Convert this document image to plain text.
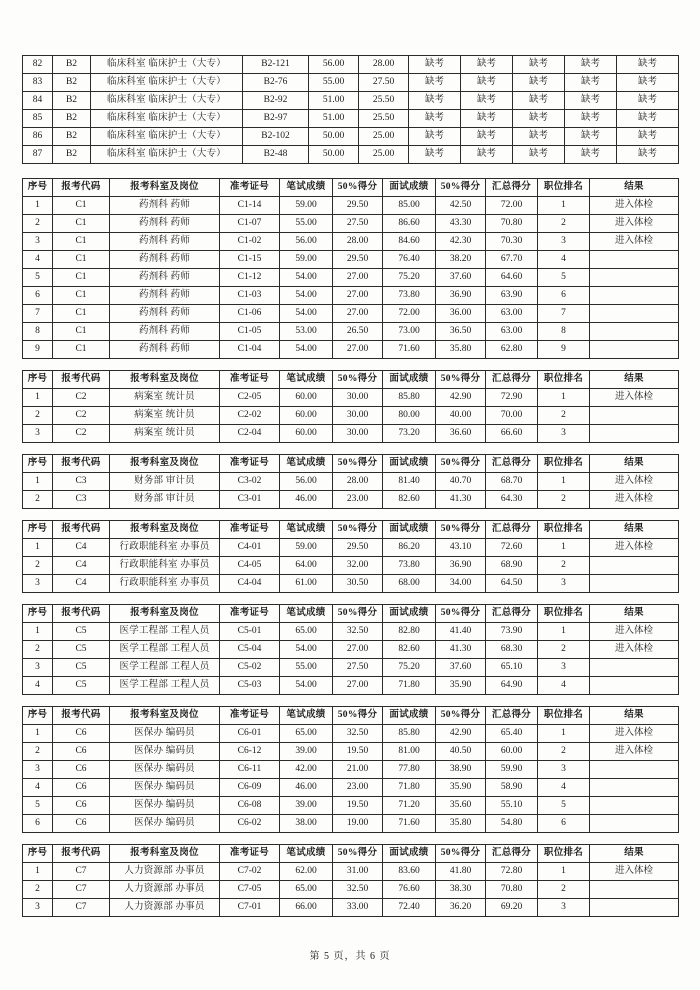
82	B2	临床科室 临床护士（大专）	B2-121	56.00	28.00	缺考	缺考	缺考	缺考	缺考
83	B2	临床科室 临床护士（大专）	B2-76	55.00	27.50	缺考	缺考	缺考	缺考	缺考
84	B2	临床科室 临床护士（大专）	B2-92	51.00	25.50	缺考	缺考	缺考	缺考	缺考
85	B2	临床科室 临床护士（大专）	B2-97	51.00	25.50	缺考	缺考	缺考	缺考	缺考
86	B2	临床科室 临床护士（大专）	B2-102	50.00	25.00	缺考	缺考	缺考	缺考	缺考
87	B2	临床科室 临床护士（大专）	B2-48	50.00	25.00	缺考	缺考	缺考	缺考	缺考
序号	报考代码	报考科室及岗位	准考证号	笔试成绩	50%得分	面试成绩	50%得分	汇总得分	职位排名	结果
1	C1	药剂科 药师	C1-14	59.00	29.50	85.00	42.50	72.00	1	进入体检
2	C1	药剂科 药师	C1-07	55.00	27.50	86.60	43.30	70.80	2	进入体检
3	C1	药剂科 药师	C1-02	56.00	28.00	84.60	42.30	70.30	3	进入体检
4	C1	药剂科 药师	C1-15	59.00	29.50	76.40	38.20	67.70	4	
5	C1	药剂科 药师	C1-12	54.00	27.00	75.20	37.60	64.60	5	
6	C1	药剂科 药师	C1-03	54.00	27.00	73.80	36.90	63.90	6	
7	C1	药剂科 药师	C1-06	54.00	27.00	72.00	36.00	63.00	7	
8	C1	药剂科 药师	C1-05	53.00	26.50	73.00	36.50	63.00	8	
9	C1	药剂科 药师	C1-04	54.00	27.00	71.60	35.80	62.80	9	
序号	报考代码	报考科室及岗位	准考证号	笔试成绩	50%得分	面试成绩	50%得分	汇总得分	职位排名	结果
1	C2	病案室 统计员	C2-05	60.00	30.00	85.80	42.90	72.90	1	进入体检
2	C2	病案室 统计员	C2-02	60.00	30.00	80.00	40.00	70.00	2	
3	C2	病案室 统计员	C2-04	60.00	30.00	73.20	36.60	66.60	3	
序号	报考代码	报考科室及岗位	准考证号	笔试成绩	50%得分	面试成绩	50%得分	汇总得分	职位排名	结果
1	C3	财务部 审计员	C3-02	56.00	28.00	81.40	40.70	68.70	1	进入体检
2	C3	财务部 审计员	C3-01	46.00	23.00	82.60	41.30	64.30	2	进入体检
序号	报考代码	报考科室及岗位	准考证号	笔试成绩	50%得分	面试成绩	50%得分	汇总得分	职位排名	结果
1	C4	行政职能科室 办事员	C4-01	59.00	29.50	86.20	43.10	72.60	1	进入体检
2	C4	行政职能科室 办事员	C4-05	64.00	32.00	73.80	36.90	68.90	2	
3	C4	行政职能科室 办事员	C4-04	61.00	30.50	68.00	34.00	64.50	3	
序号	报考代码	报考科室及岗位	准考证号	笔试成绩	50%得分	面试成绩	50%得分	汇总得分	职位排名	结果
1	C5	医学工程部 工程人员	C5-01	65.00	32.50	82.80	41.40	73.90	1	进入体检
2	C5	医学工程部 工程人员	C5-04	54.00	27.00	82.60	41.30	68.30	2	进入体检
3	C5	医学工程部 工程人员	C5-02	55.00	27.50	75.20	37.60	65.10	3	
4	C5	医学工程部 工程人员	C5-03	54.00	27.00	71.80	35.90	64.90	4	
序号	报考代码	报考科室及岗位	准考证号	笔试成绩	50%得分	面试成绩	50%得分	汇总得分	职位排名	结果
1	C6	医保办 编码员	C6-01	65.00	32.50	85.80	42.90	65.40	1	进入体检
2	C6	医保办 编码员	C6-12	39.00	19.50	81.00	40.50	60.00	2	进入体检
3	C6	医保办 编码员	C6-11	42.00	21.00	77.80	38.90	59.90	3	
4	C6	医保办 编码员	C6-09	46.00	23.00	71.80	35.90	58.90	4	
5	C6	医保办 编码员	C6-08	39.00	19.50	71.20	35.60	55.10	5	
6	C6	医保办 编码员	C6-02	38.00	19.00	71.60	35.80	54.80	6	
序号	报考代码	报考科室及岗位	准考证号	笔试成绩	50%得分	面试成绩	50%得分	汇总得分	职位排名	结果
1	C7	人力资源部 办事员	C7-02	62.00	31.00	83.60	41.80	72.80	1	进入体检
2	C7	人力资源部 办事员	C7-05	65.00	32.50	76.60	38.30	70.80	2	
3	C7	人力资源部 办事员	C7-01	66.00	33.00	72.40	36.20	69.20	3	
第 5 页，共 6 页
